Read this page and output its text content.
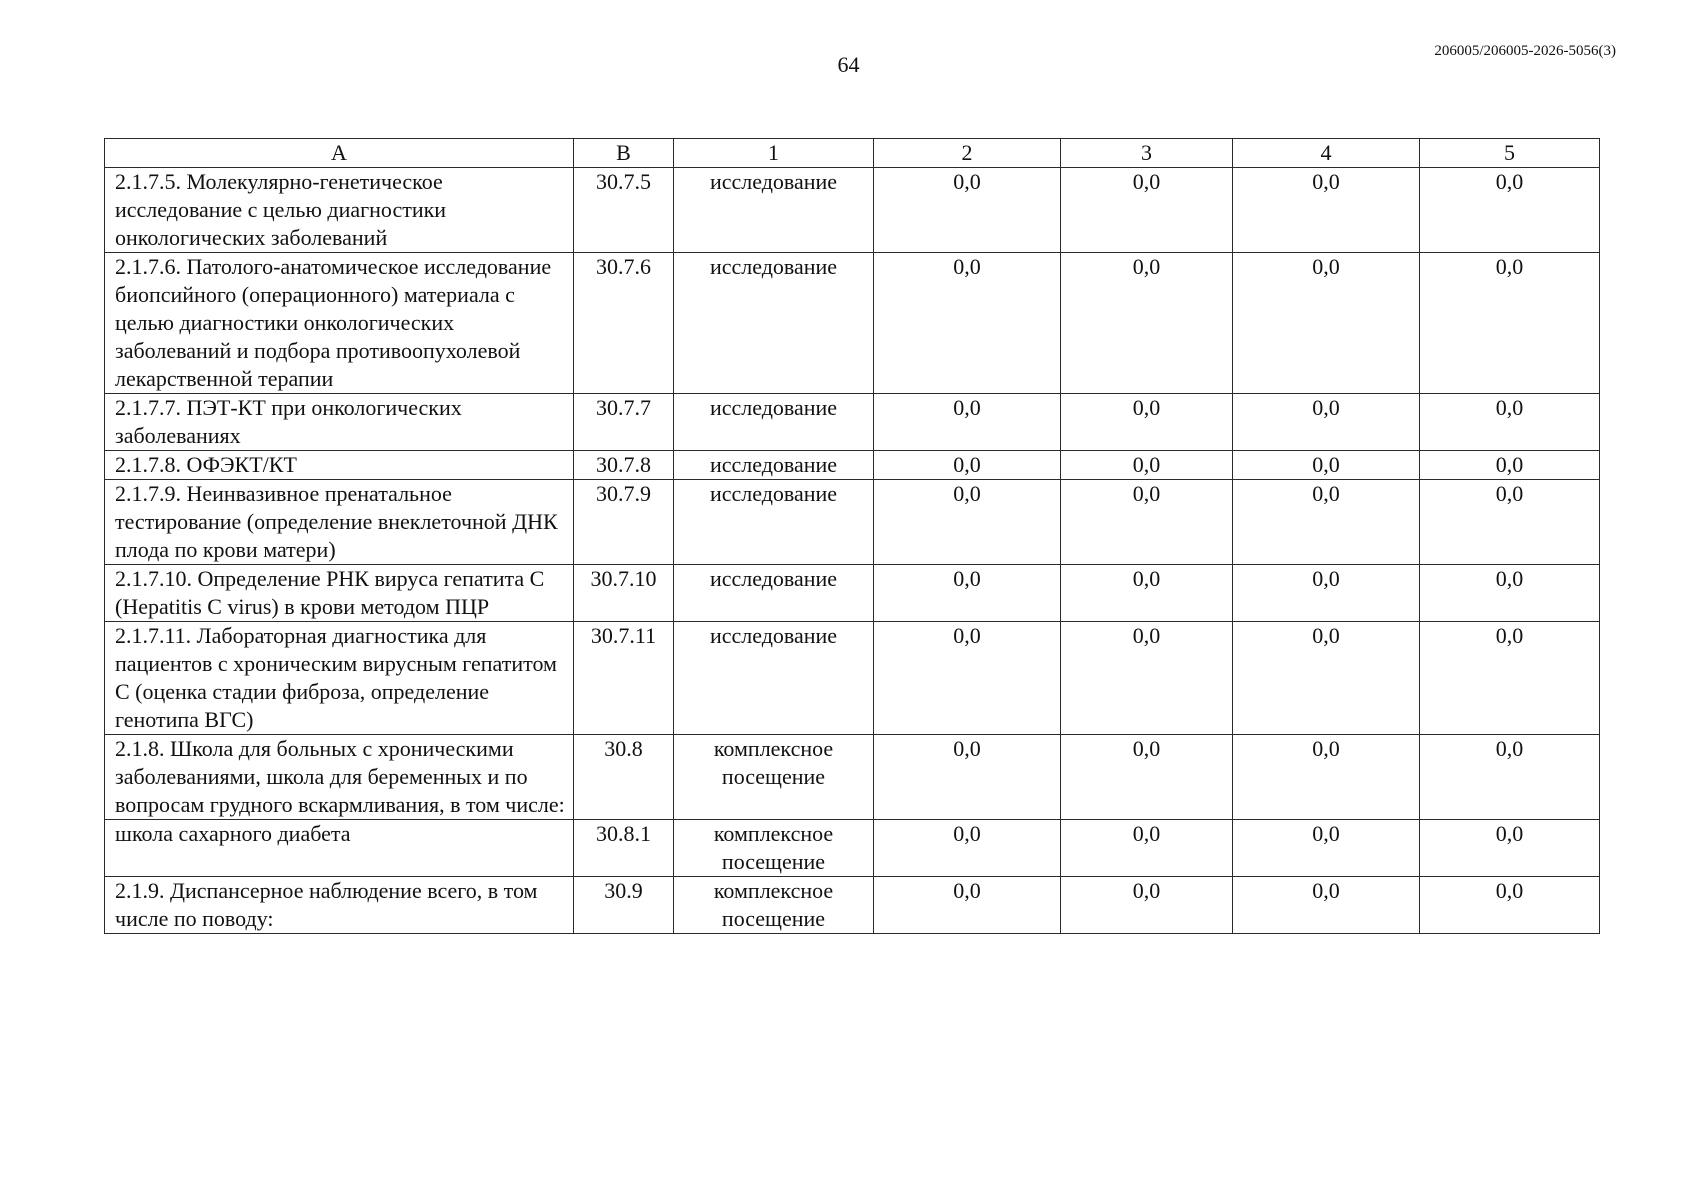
64
206005/206005-2026-5056(3)
А	В	1	2	3	4	5
2.1.7.5. Молекулярно-генетическое исследование с целью диагностики онкологических заболеваний	30.7.5	исследование	0,0	0,0	0,0	0,0
2.1.7.6. Патолого-анатомическое исследование биопсийного (операционного) материала с целью диагностики онкологических заболеваний и подбора противоопухолевой лекарственной терапии	30.7.6	исследование	0,0	0,0	0,0	0,0
2.1.7.7. ПЭТ-КТ при онкологических заболеваниях	30.7.7	исследование	0,0	0,0	0,0	0,0
2.1.7.8. ОФЭКТ/КТ	30.7.8	исследование	0,0	0,0	0,0	0,0
2.1.7.9. Неинвазивное пренатальное тестирование (определение внеклеточной ДНК плода по крови матери)	30.7.9	исследование	0,0	0,0	0,0	0,0
2.1.7.10. Определение РНК вируса гепатита С (Hepatitis C virus) в крови методом ПЦР	30.7.10	исследование	0,0	0,0	0,0	0,0
2.1.7.11. Лабораторная диагностика для пациентов с хроническим вирусным гепатитом С (оценка стадии фиброза, определение генотипа ВГС)	30.7.11	исследование	0,0	0,0	0,0	0,0
2.1.8. Школа для больных с хроническими заболеваниями, школа для беременных и по вопросам грудного вскармливания, в том числе:	30.8	комплексное посещение	0,0	0,0	0,0	0,0
школа сахарного диабета	30.8.1	комплексное посещение	0,0	0,0	0,0	0,0
2.1.9. Диспансерное наблюдение всего, в том числе по поводу:	30.9	комплексное посещение	0,0	0,0	0,0	0,0
